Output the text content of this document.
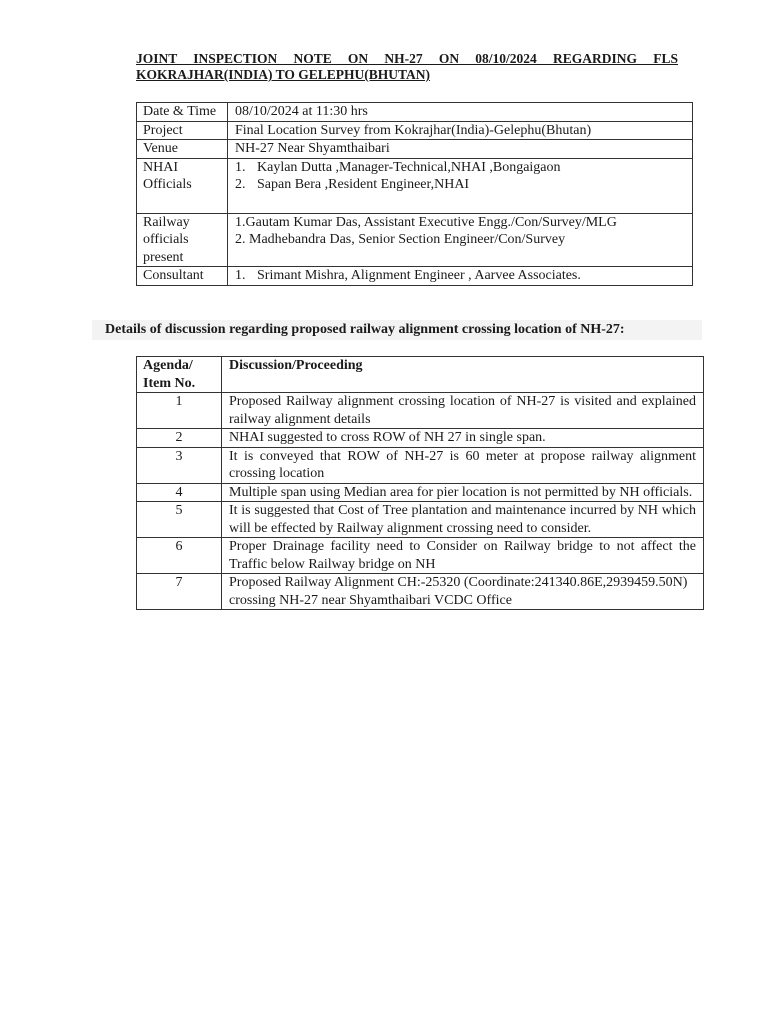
JOINT INSPECTION NOTE ON NH-27 ON 08/10/2024 REGARDING FLS KOKRAJHAR(INDIA) TO GELEPHU(BHUTAN)
Date & Time	08/10/2024 at 11:30 hrs
Project	Final Location Survey from Kokrajhar(India)-Gelephu(Bhutan)
Venue	NH-27 Near Shyamthaibari
NHAI Officials	1. Kaylan Dutta ,Manager-Technical,NHAI ,Bongaigaon
2. Sapan Bera ,Resident Engineer,NHAI

Railway officials present	1.Gautam Kumar Das, Assistant Executive Engg./Con/Survey/MLG
2. Madhebandra Das, Senior Section Engineer/Con/Survey

Consultant	1. Srimant Mishra, Alignment Engineer , Aarvee Associates.
Details of discussion regarding proposed railway alignment crossing location of NH-27:
Agenda/ Item No.	Discussion/Proceeding
1	Proposed Railway alignment crossing location of NH-27 is visited and explained railway alignment details
2	NHAI suggested to cross ROW of NH 27 in single span.
3	It is conveyed that ROW of NH-27 is 60 meter at propose railway alignment crossing location
4	Multiple span using Median area for pier location is not permitted by NH officials.
5	It is suggested that Cost of Tree plantation and maintenance incurred by NH which will be effected by Railway alignment crossing need to consider.
6	Proper Drainage facility need to Consider on Railway bridge to not affect the Traffic below Railway bridge on NH
7	Proposed Railway Alignment CH:-25320 (Coordinate:241340.86E,2939459.50N) crossing NH-27 near Shyamthaibari VCDC Office
